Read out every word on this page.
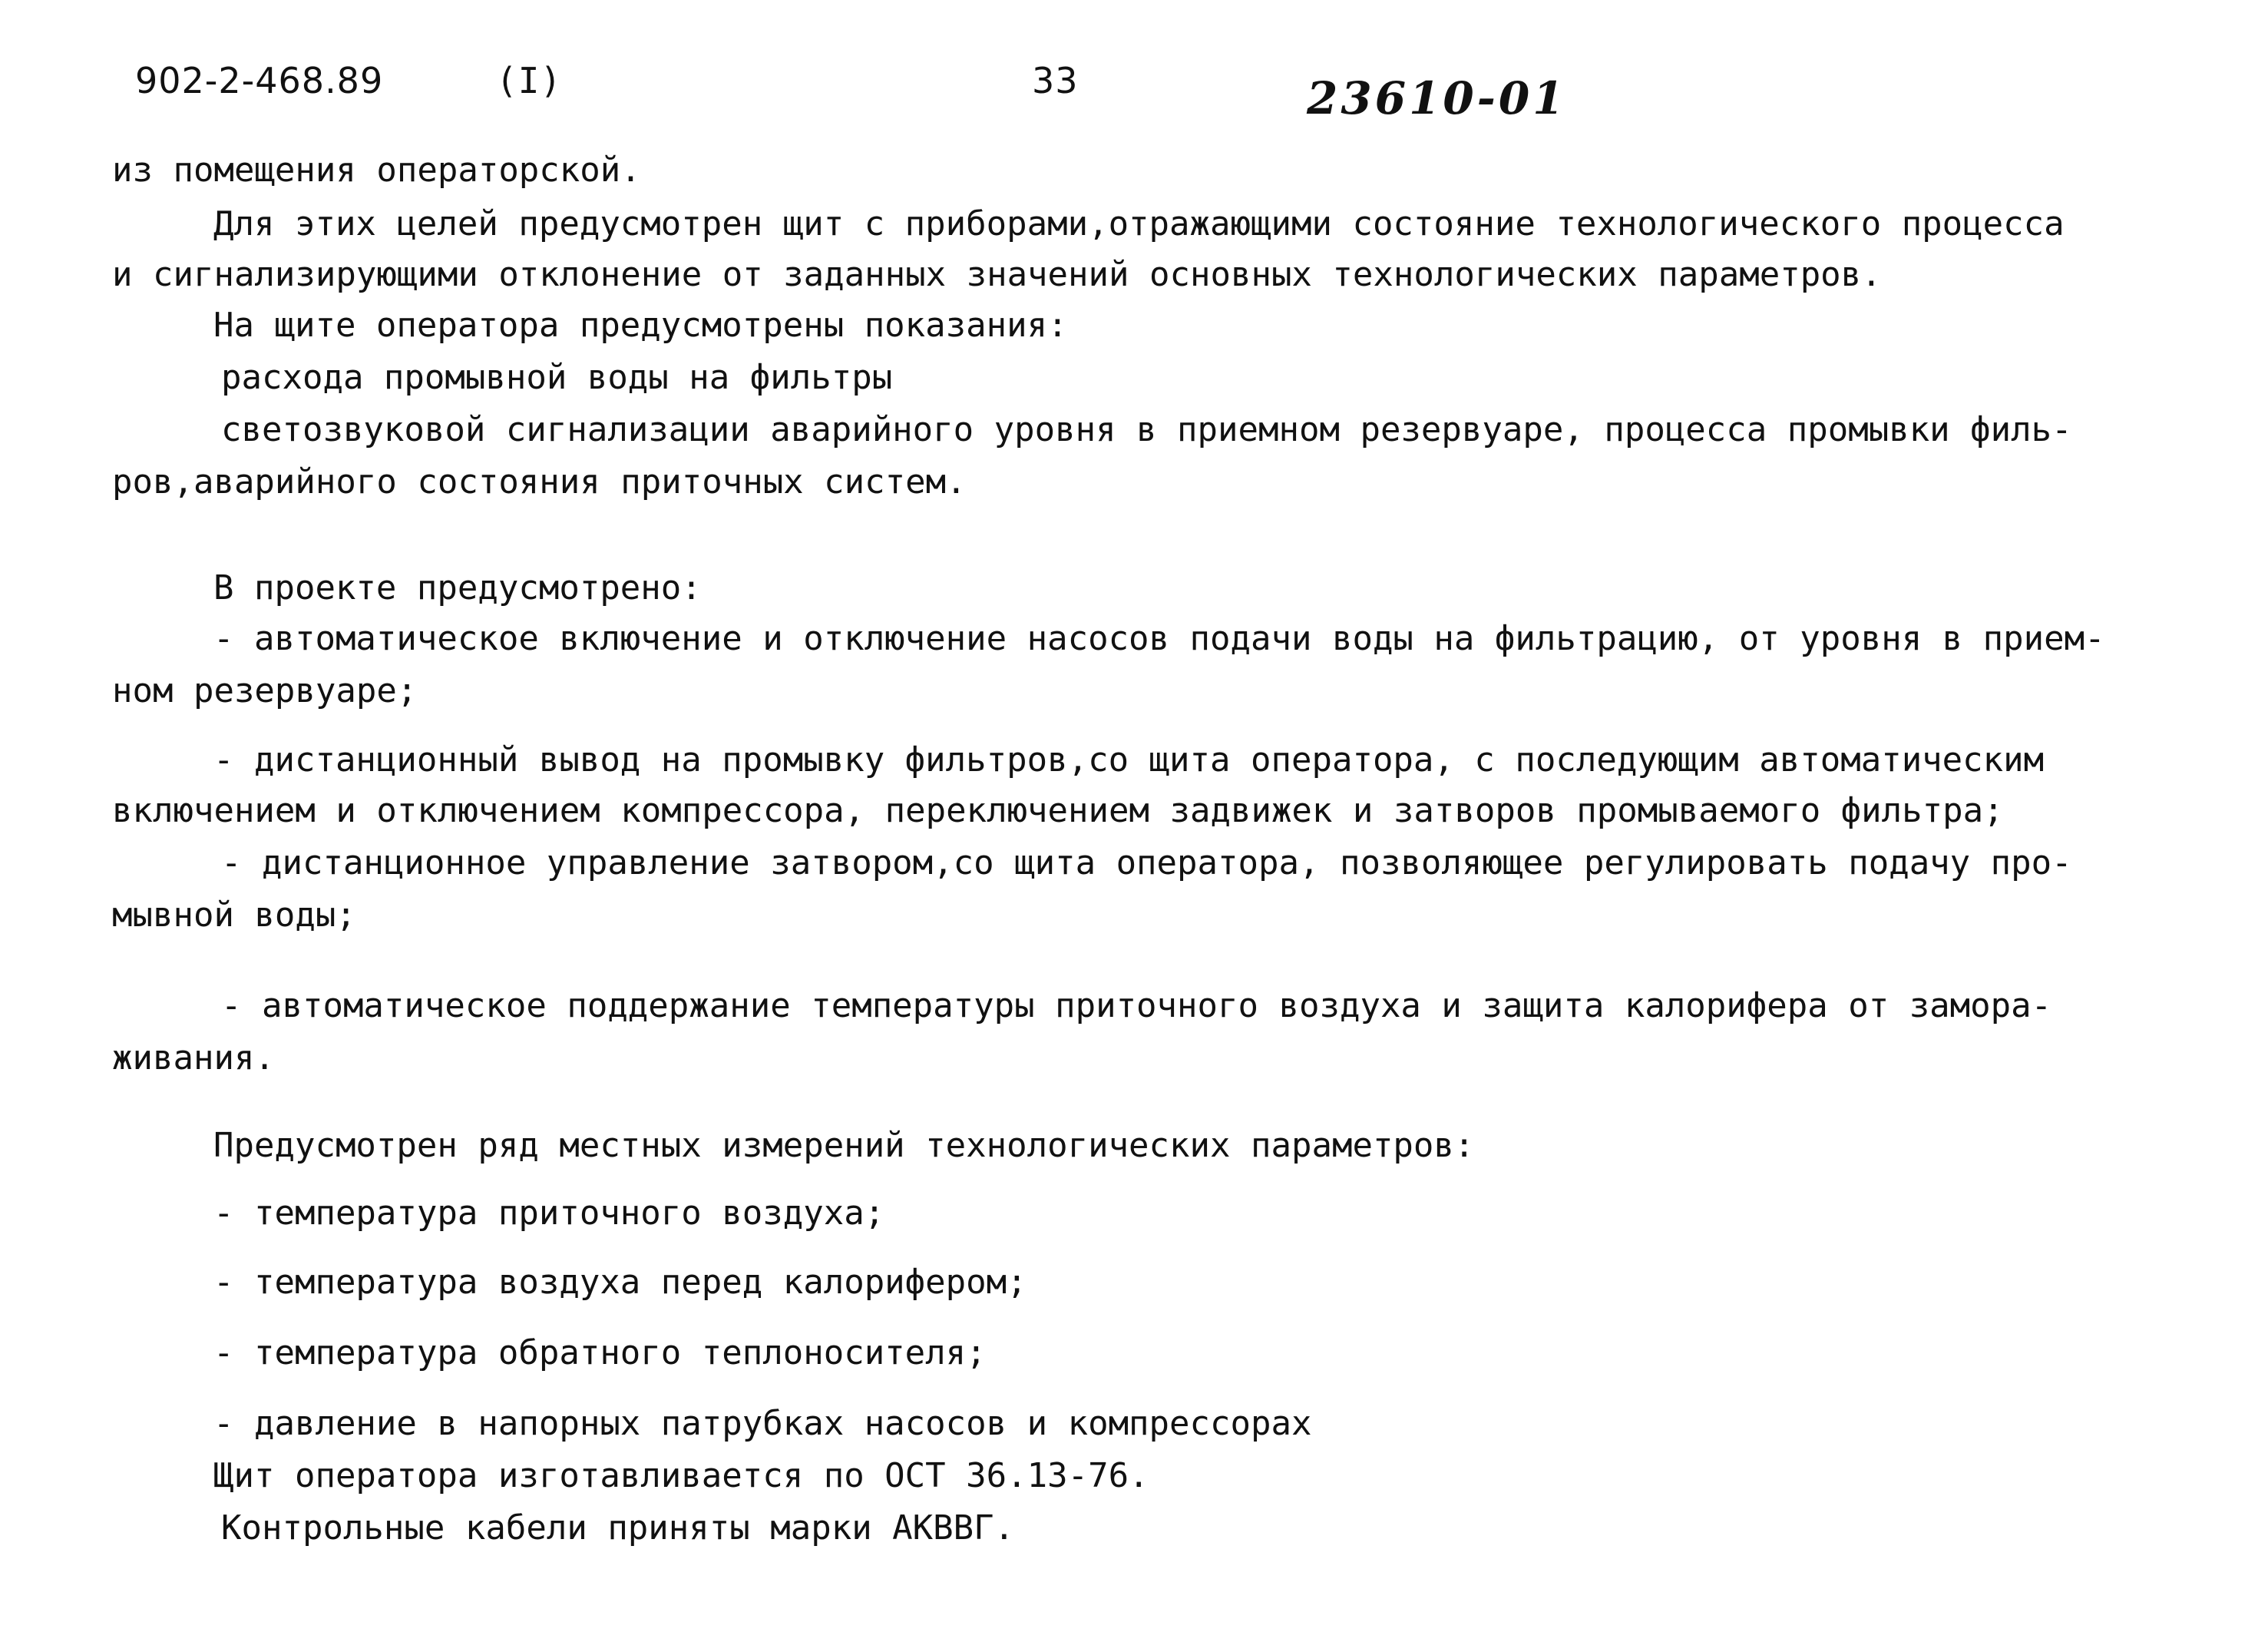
902-2-468.89	(I)	33	23610-01
из помещения операторской.
Для этих целей предусмотрен щит с приборами,отражающими состояние технологического процесса
и сигнализирующими отклонение от заданных значений основных технологических параметров.
На щите оператора предусмотрены показания:
расхода промывной воды на фильтры
светозвуковой сигнализации аварийного уровня в приемном резервуаре, процесса промывки филь-
ров,аварийного состояния приточных систем.
В проекте предусмотрено:
- автоматическое включение и отключение насосов подачи воды на фильтрацию, от уровня в прием-
ном резервуаре;
- дистанционный вывод на промывку фильтров,со щита оператора, с последующим автоматическим
включением и отключением компрессора, переключением задвижек и затворов промываемого фильтра;
- дистанционное управление затвором,со щита оператора, позволяющее регулировать подачу про-
мывной воды;
- автоматическое поддержание температуры приточного воздуха и защита калорифера от замора-
живания.
Предусмотрен ряд местных измерений технологических параметров:
- температура приточного воздуха;
- температура воздуха перед калорифером;
- температура обратного теплоносителя;
- давление в напорных патрубках насосов и компрессорах
Щит оператора изготавливается по ОСТ 36.13-76.
Контрольные кабели приняты марки АКВВГ.
